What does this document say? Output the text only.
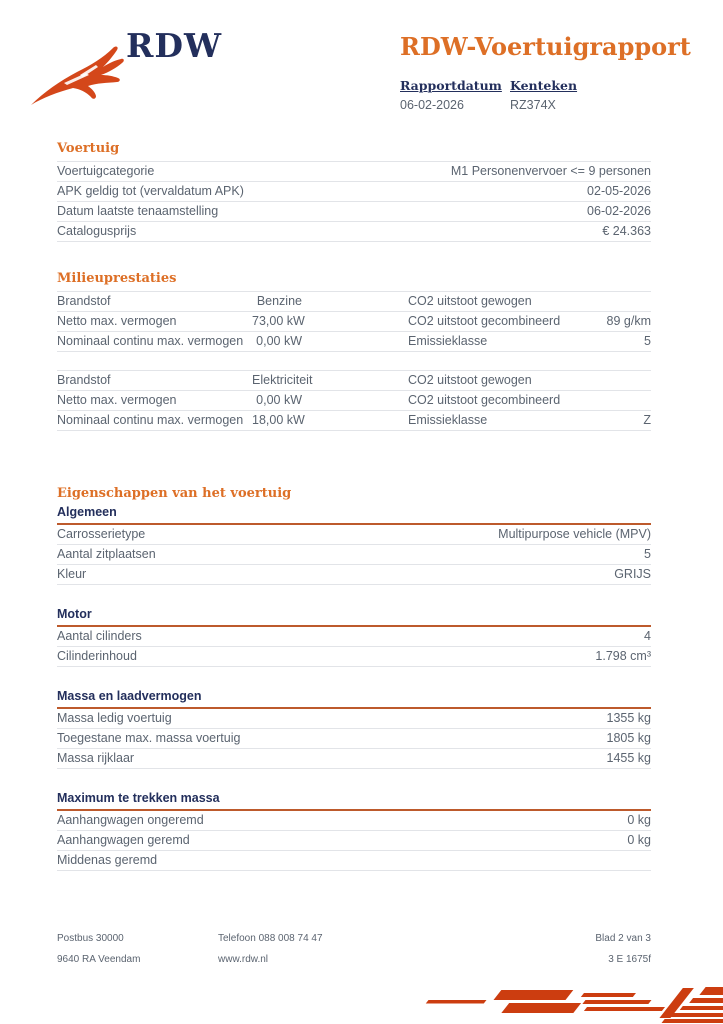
RDW	RDW-Voertuigrapport
Rapportdatum
06-02-2026
Kenteken
RZ374X
Voertuig
Voertuigcategorie	M1 Personenvervoer <= 9 personen
APK geldig tot (vervaldatum APK)	02-05-2026
Datum laatste tenaamstelling	06-02-2026
Catalogusprijs	€ 24.363
Milieuprestaties
Brandstof	Benzine	CO2 uitstoot gewogen
Netto max. vermogen	73,00 kW	CO2 uitstoot gecombineerd	89 g/km
Nominaal continu max. vermogen	0,00 kW	Emissieklasse	5
Brandstof	Elektriciteit	CO2 uitstoot gewogen
Netto max. vermogen	0,00 kW	CO2 uitstoot gecombineerd
Nominaal continu max. vermogen 18,00 kW	Emissieklasse	Z
Eigenschappen van het voertuig
Algemeen
Carrosserietype	Multipurpose vehicle (MPV)
Aantal zitplaatsen	5
Kleur	GRIJS
Motor
Aantal cilinders	4
Cilinderinhoud	1.798 cm³
Massa en laadvermogen
Massa ledig voertuig	1355 kg
Toegestane max. massa voertuig	1805 kg
Massa rijklaar	1455 kg
Maximum te trekken massa
Aanhangwagen ongeremd	0 kg
Aanhangwagen geremd	0 kg
Middenas geremd
Postbus 30000
9640 RA Veendam
Telefoon 088 008 74 47
www.rdw.nl
Blad 2 van 3
3 E 1675f
